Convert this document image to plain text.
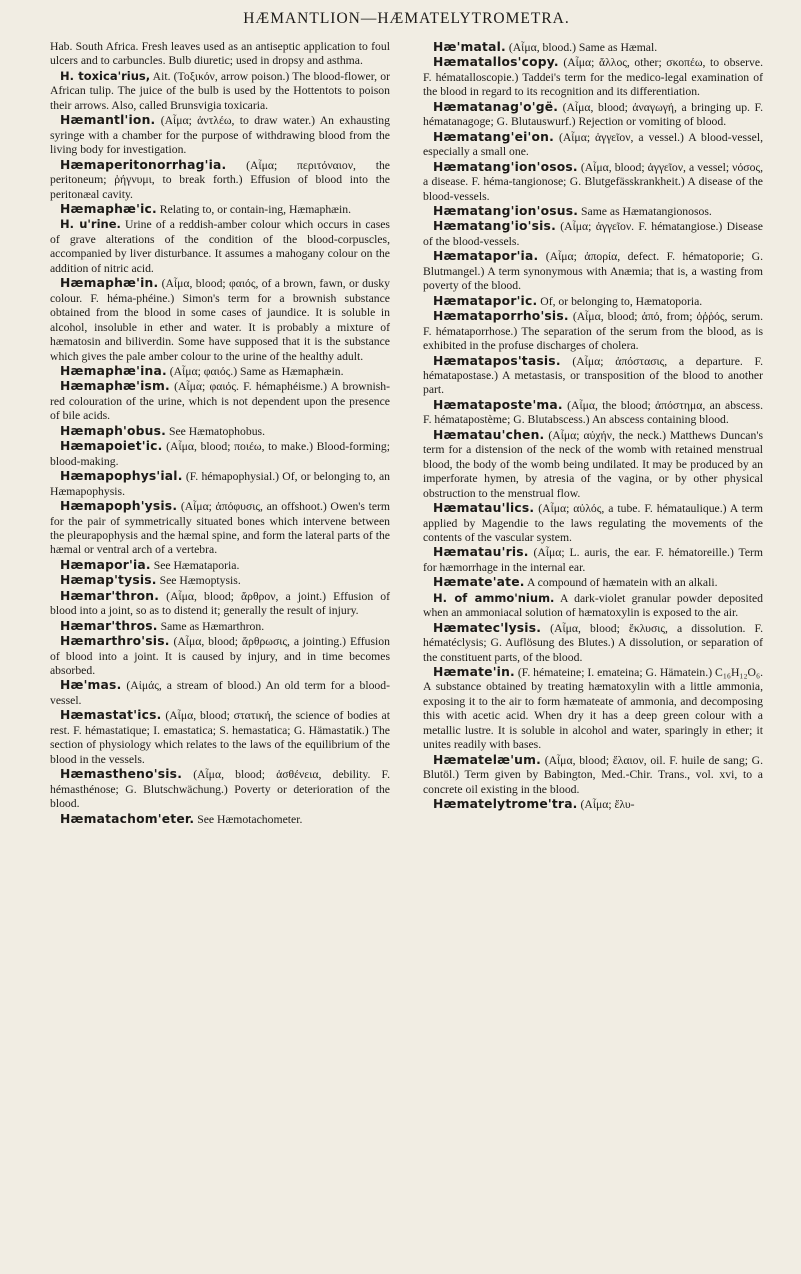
HÆMANTLION—HÆMATELYTROMETRA.

Hab. South Africa. Fresh leaves used as an antiseptic application to foul ulcers and to carbuncles. Bulb diuretic; used in dropsy and asthma.

H. toxica'rius, Ait. (Τοξικόν, arrow poison.) The blood-flower, or African tulip. The juice of the bulb is used by the Hottentots to poison their arrows. Also, called Brunsvigia toxicaria.

Hæmantl'ion. (Αἷμα; ἀντλέω, to draw water.) An exhausting syringe with a chamber for the purpose of withdrawing blood from the living body for investigation.

Hæmaperitonorrhag'ia. (Αἷμα; περιτόναιον, the peritoneum; ῥήγνυμι, to break forth.) Effusion of blood into the peritonæal cavity.

Hæmaphæ'ic. Relating to, or contain-ing, Hæmaphæin.

H. u'rine. Urine of a reddish-amber colour which occurs in cases of grave alterations of the condition of the blood-corpuscles, accompanied by liver disturbance. It assumes a mahogany colour on the addition of nitric acid.

Hæmaphæ'in. (Αἷμα, blood; φαιός, of a brown, fawn, or dusky colour. F. héma-phéine.) Simon's term for a brownish substance obtained from the blood in some cases of jaundice. It is soluble in alcohol, insoluble in ether and water. It is probably a mixture of hæmatosin and biliverdin. Some have supposed that it is the substance which gives the pale amber colour to the urine of the healthy adult.

Hæmaphæ'ina. (Αἷμα; φαιός.) Same as Hæmaphæin.

Hæmaphæ'ism. (Αἷμα; φαιός. F. hémaphéisme.) A brownish-red colouration of the urine, which is not dependent upon the presence of bile acids.

Hæmaph'obus. See Hæmatophobus.

Hæmapoiet'ic. (Αἷμα, blood; ποιέω, to make.) Blood-forming; blood-making.

Hæmapophys'ial. (F. hémapophysial.) Of, or belonging to, an Hæmapophysis.

Hæmapoph'ysis. (Αἷμα; ἀπόφυσις, an offshoot.) Owen's term for the pair of symmetrically situated bones which intervene between the pleurapophysis and the hæmal spine, and form the lateral parts of the hæmal or ventral arch of a vertebra.

Hæmapor'ia. See Hæmataporia.

Hæmap'tysis. See Hæmoptysis.

Hæmar'thron. (Αἷμα, blood; ἄρθρον, a joint.) Effusion of blood into a joint, so as to distend it; generally the result of injury.

Hæmar'thros. Same as Hæmarthron.

Hæmarthro'sis. (Αἷμα, blood; ἄρθρωσις, a jointing.) Effusion of blood into a joint. It is caused by injury, and in time becomes absorbed.

Hæ'mas. (Αἱμάς, a stream of blood.) An old term for a blood-vessel.

Hæmastat'ics. (Αἷμα, blood; στατική, the science of bodies at rest. F. hémastatique; I. emastatica; S. hemastatica; G. Hämastatik.) The section of physiology which relates to the laws of the equilibrium of the blood in the vessels.

Hæmasthenо'sis. (Αἷμα, blood; ἀσθένεια, debility. F. hémasthénose; G. Blutschwächung.) Poverty or deterioration of the blood.

Hæmatachom'eter. See Hæmotachometer.

Hæ'matal. (Αἷμα, blood.) Same as Hæmal.

Hæmatallos'copy. (Αἷμα; ἄλλος, other; σκοπέω, to observe. F. hématalloscopie.) Taddei's term for the medico-legal examination of the blood in regard to its recognition and its differentiation.

Hæmatanag'o'gë. (Αἷμα, blood; ἀναγωγή, a bringing up. F. hématanagoge; G. Blutauswurf.) Rejection or vomiting of blood.

Hæmatang'ei'on. (Αἷμα; ἀγγεῖον, a vessel.) A blood-vessel, especially a small one.

Hæmatang'ion'osos. (Αἷμα, blood; ἀγγεῖον, a vessel; νόσος, a disease. F. héma-tangionose; G. Blutgefässkrankheit.) A disease of the blood-vessels.

Hæmatang'ion'osus. Same as Hæmatangionosos.

Hæmatang'io'sis. (Αἷμα; ἀγγεῖον. F. hématangiose.) Disease of the blood-vessels.

Hæmatapor'ia. (Αἷμα; ἀπορία, defect. F. hématoporie; G. Blutmangel.) A term synonymous with Anæmia; that is, a wasting from poverty of the blood.

Hæmatapor'ic. Of, or belonging to, Hæmatoporia.

Hæmataporrho'sis. (Αἷμα, blood; ἀπό, from; ὀῤῥός, serum. F. hémataporrhose.) The separation of the serum from the blood, as is exhibited in the profuse discharges of cholera.

Hæmatapos'tasis. (Αἷμα; ἀπόστασις, a departure. F. hématapostase.) A metastasis, or transposition of the blood to another part.

Hæmataposte'ma. (Αἷμα, the blood; ἀπόστημα, an abscess. F. hématapostème; G. Blutabscess.) An abscess containing blood.

Hæmatau'chen. (Αἷμα; αὐχήν, the neck.) Matthews Duncan's term for a distension of the neck of the womb with retained menstrual blood, the body of the womb being undilated. It may be produced by an imperforate hymen, by atresia of the vagina, or by other physical obstruction to the menstrual flow.

Hæmatau'lics. (Αἷμα; αὐλός, a tube. F. hématauliquе.) A term applied by Magendie to the laws regulating the movements of the contents of the vascular system.

Hæmatau'ris. (Αἷμα; L. auris, the ear. F. hématoreille.) Term for hæmorrhage in the internal ear.

Hæmate'ate. A compound of hæmatein with an alkali.

H. of ammo'nium. A dark-violet granular powder deposited when an ammoniacal solution of hæmatoxylin is exposed to the air.

Hæmatec'lysis. (Αἷμα, blood; ἔκλυσις, a dissolution. F. hématéclysis; G. Auflösung des Blutes.) A dissolution, or separation of the constituent parts, of the blood.

Hæmate'in. (F. hématеine; I. ematеina; G. Hämatein.) C₁₆H₁₂O₆. A substance obtained by treating hæmatoxylin with a little ammonia, exposing it to the air to form hæmateate of ammonia, and decomposing this with acetic acid. When dry it has a deep green colour with a metallic lustre. It is soluble in alcohol and water, sparingly in ether; it unites readily with bases.

Hæmatelæ'um. (Αἷμα, blood; ἔλαιον, oil. F. huile de sang; G. Blutöl.) Term given by Babington, Med.-Chir. Trans., vol. xvi, to a concrete oil existing in the blood.

Hæmatelytrome'tra. (Αἷμα; ἔλυ-
